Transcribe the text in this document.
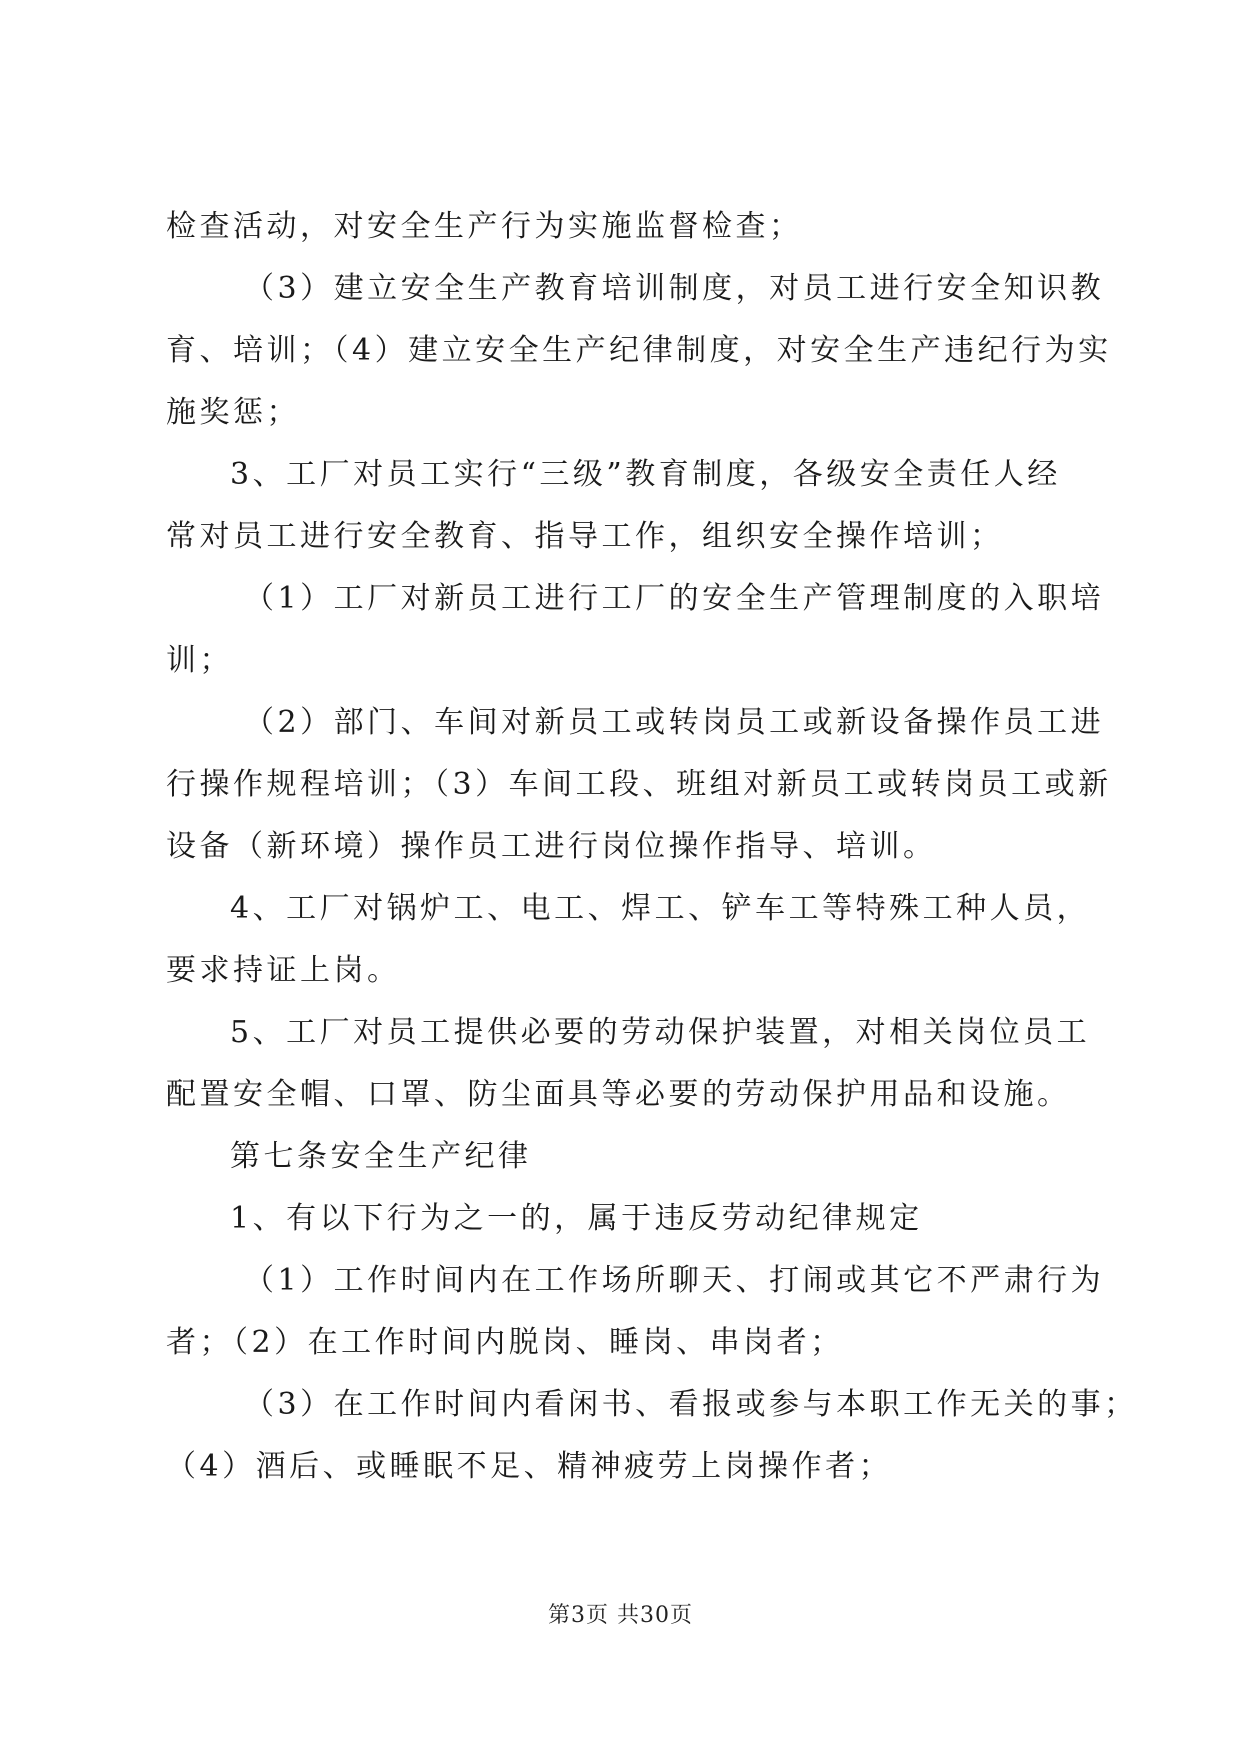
检查活动，对安全生产行为实施监督检查；
（3）建立安全生产教育培训制度，对员工进行安全知识教
育、培训；（4）建立安全生产纪律制度，对安全生产违纪行为实
施奖惩；
3、工厂对员工实行“三级”教育制度，各级安全责任人经
常对员工进行安全教育、指导工作，组织安全操作培训；
（1）工厂对新员工进行工厂的安全生产管理制度的入职培
训；
（2）部门、车间对新员工或转岗员工或新设备操作员工进
行操作规程培训；（3）车间工段、班组对新员工或转岗员工或新
设备（新环境）操作员工进行岗位操作指导、培训。
4、工厂对锅炉工、电工、焊工、铲车工等特殊工种人员，
要求持证上岗。
5、工厂对员工提供必要的劳动保护装置，对相关岗位员工
配置安全帽、口罩、防尘面具等必要的劳动保护用品和设施。
第七条安全生产纪律
1、有以下行为之一的，属于违反劳动纪律规定
（1）工作时间内在工作场所聊天、打闹或其它不严肃行为
者；（2）在工作时间内脱岗、睡岗、串岗者；
（3）在工作时间内看闲书、看报或参与本职工作无关的事；
（4）酒后、或睡眠不足、精神疲劳上岗操作者；
第3页 共30页
